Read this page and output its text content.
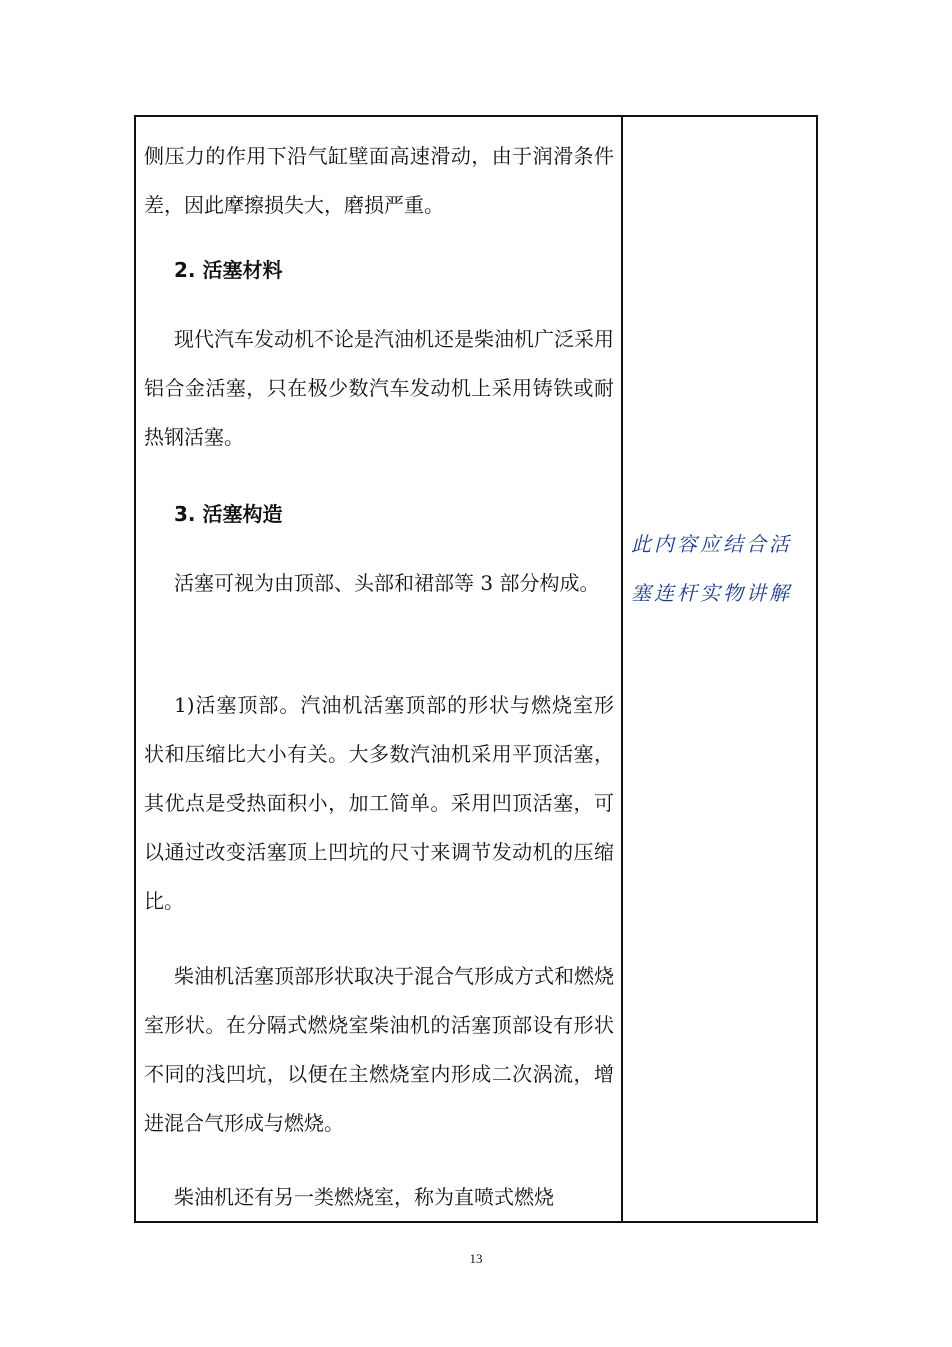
侧压力的作用下沿气缸壁面高速滑动，由于润滑条件差，因此摩擦损失大，磨损严重。

2. 活塞材料

现代汽车发动机不论是汽油机还是柴油机广泛采用铝合金活塞，只在极少数汽车发动机上采用铸铁或耐热钢活塞。

3. 活塞构造

活塞可视为由顶部、头部和裙部等 3 部分构成。

1)活塞顶部。汽油机活塞顶部的形状与燃烧室形状和压缩比大小有关。大多数汽油机采用平顶活塞，其优点是受热面积小，加工简单。采用凹顶活塞，可以通过改变活塞顶上凹坑的尺寸来调节发动机的压缩比。

柴油机活塞顶部形状取决于混合气形成方式和燃烧室形状。在分隔式燃烧室柴油机的活塞顶部设有形状不同的浅凹坑，以便在主燃烧室内形成二次涡流，增进混合气形成与燃烧。

柴油机还有另一类燃烧室，称为直喷式燃烧

此内容应结合活塞连杆实物讲解

13
